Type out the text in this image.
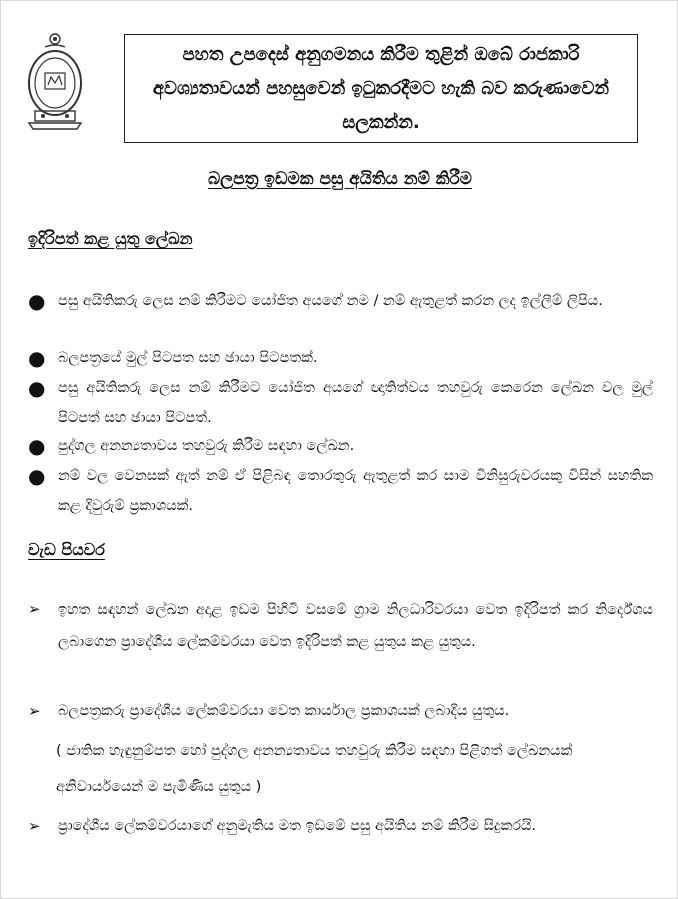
පහත උපදෙස් අනුගමනය කිරීම තුළින් ඔබේ රාජකාරි අවශ්‍යතාවයන් පහසුවෙන් ඉටුකරදීමට හැකි බව කරුණාවෙන් සලකන්න.
බලපත්‍ර ඉඩමක පසු අයිතිය නම් කිරීම
ඉදිරිපත් කළ යුතු ලේඛන
● පසු අයිතිකරු ලෙස නම් කිරීමට යෝජිත අයගේ නම / නම් ඇතුළත් කරන ලද ඉල්ලීම් ලිපිය.
● බලපත්‍රයේ මුල් පිටපත සහ ඡායා පිටපතක්.
● පසු අයිතිකරු ලෙස නම් කිරීමට යෝජිත අයගේ ඥාතිත්වය තහවුරු කෙරෙන ලේඛන වල මුල් පිටපත් සහ ඡායා පිටපත්.
● පුද්ගල අනන්‍යතාවය තහවුරු කිරීම සඳහා ලේඛන.
● නම් වල වෙනසක් ඇත් නම් ඒ පිළිබඳ තොරතුරු ඇතුළත් කර සාම විනිසුරුවරයකු විසින් සහතික කළ දිවුරුම් ප්‍රකාශයක්.
වැඩ පියවර
➢	ඉහත සඳහන් ලේඛන අදාළ ඉඩම පිහිටි වසමේ ග්‍රාම නිලධාරිවරයා වෙත ඉදිරිපත් කර නිර්දේශය ලබාගෙන ප්‍රාදේශීය ලේකම්වරයා වෙත ඉදිරිපත් කළ යුතුය කළ යුතුය.
➢	බලපත්‍රකරු ප්‍රාදේශීය ලේකම්වරයා වෙත කාර්යාල ප්‍රකාශයක් ලබාදිය යුතුය.
( ජාතික හැඳුනුම්පත හෝ පුද්ගල අනන්‍යතාවය තහවුරු කිරීම සඳහා පිළිගත් ලේඛනයක් අනිවාර්යයෙන් ම පැමිණිය යුතුය )
➢	ප්‍රාදේශීය ලේකම්වරයාගේ අනුමැතිය මත ඉඩමේ පසු අයිතිය නම් කිරීම සිදුකරයි.
